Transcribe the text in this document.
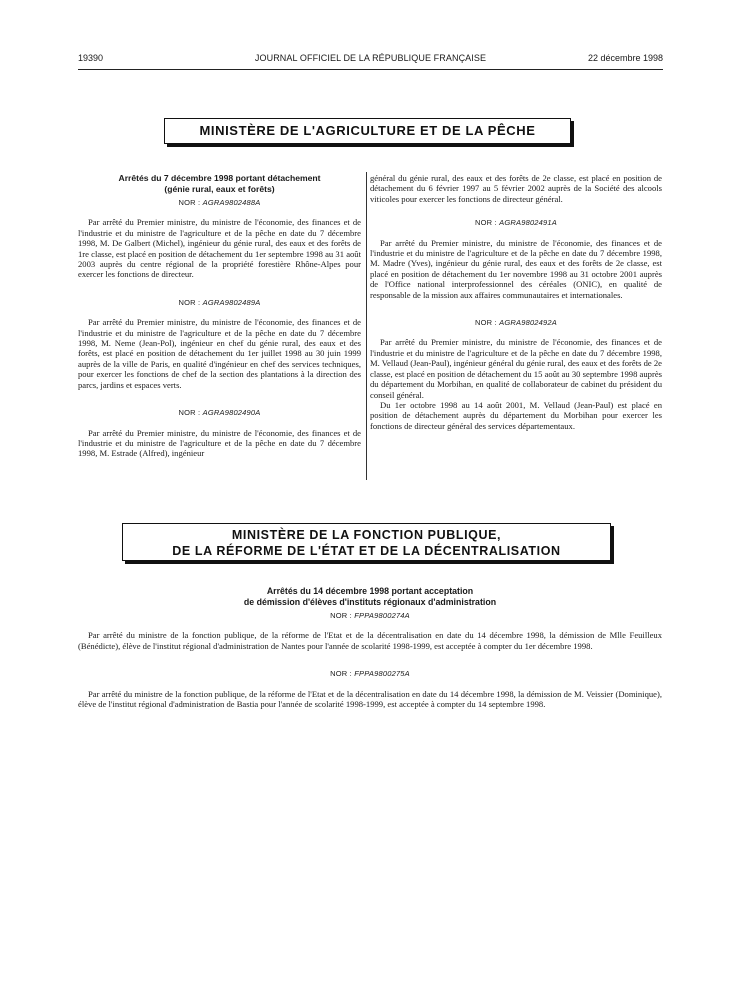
19390	JOURNAL OFFICIEL DE LA RÉPUBLIQUE FRANÇAISE	22 décembre 1998
MINISTÈRE DE L'AGRICULTURE ET DE LA PÊCHE
Arrêtés du 7 décembre 1998 portant détachement
(génie rural, eaux et forêts)
NOR : AGRA9802488A

Par arrêté du Premier ministre, du ministre de l'économie, des finances et de l'industrie et du ministre de l'agriculture et de la pêche en date du 7 décembre 1998, M. De Galbert (Michel), ingénieur du génie rural, des eaux et des forêts de 1re classe, est placé en position de détachement du 1er septembre 1998 au 31 août 2003 auprès du centre régional de la propriété forestière Rhône-Alpes pour exercer les fonctions de directeur.

NOR : AGRA9802489A

Par arrêté du Premier ministre, du ministre de l'économie, des finances et de l'industrie et du ministre de l'agriculture et de la pêche en date du 7 décembre 1998, M. Neme (Jean-Pol), ingénieur en chef du génie rural, des eaux et des forêts, est placé en position de détachement du 1er juillet 1998 au 30 juin 1999 auprès de la ville de Paris, en qualité d'ingénieur en chef des services techniques, pour exercer les fonctions de chef de la section des plantations à la direction des parcs, jardins et espaces verts.

NOR : AGRA9802490A

Par arrêté du Premier ministre, du ministre de l'économie, des finances et de l'industrie et du ministre de l'agriculture et de la pêche en date du 7 décembre 1998, M. Estrade (Alfred), ingénieur

général du génie rural, des eaux et des forêts de 2e classe, est placé en position de détachement du 6 février 1997 au 5 février 2002 auprès de la Société des alcools viticoles pour exercer les fonctions de directeur général.

NOR : AGRA9802491A

Par arrêté du Premier ministre, du ministre de l'économie, des finances et de l'industrie et du ministre de l'agriculture et de la pêche en date du 7 décembre 1998, M. Madre (Yves), ingénieur du génie rural, des eaux et des forêts de 2e classe, est placé en position de détachement du 1er novembre 1998 au 31 octobre 2001 auprès de l'Office national interprofessionnel des céréales (ONIC), en qualité de responsable de la mission aux affaires communautaires et internationales.

NOR : AGRA9802492A

Par arrêté du Premier ministre, du ministre de l'économie, des finances et de l'industrie et du ministre de l'agriculture et de la pêche en date du 7 décembre 1998, M. Vellaud (Jean-Paul), ingénieur général du génie rural, des eaux et des forêts de 2e classe, est placé en position de détachement du 15 août au 30 septembre 1998 auprès du département du Morbihan, en qualité de collaborateur de cabinet du président du conseil général.

Du 1er octobre 1998 au 14 août 2001, M. Vellaud (Jean-Paul) est placé en position de détachement auprès du département du Morbihan pour exercer les fonctions de directeur général des services départementaux.

MINISTÈRE DE LA FONCTION PUBLIQUE,
DE LA RÉFORME DE L'ÉTAT ET DE LA DÉCENTRALISATION
Arrêtés du 14 décembre 1998 portant acceptation
de démission d'élèves d'instituts régionaux d'administration
NOR : FPPA9800274A

Par arrêté du ministre de la fonction publique, de la réforme de l'Etat et de la décentralisation en date du 14 décembre 1998, la démission de Mlle Feuilleux (Bénédicte), élève de l'institut régional d'administration de Nantes pour l'année de scolarité 1998-1999, est acceptée à compter du 1er décembre 1998.

NOR : FPPA9800275A

Par arrêté du ministre de la fonction publique, de la réforme de l'Etat et de la décentralisation en date du 14 décembre 1998, la démission de M. Veissier (Dominique), élève de l'institut régional d'administration de Bastia pour l'année de scolarité 1998-1999, est acceptée à compter du 14 septembre 1998.
